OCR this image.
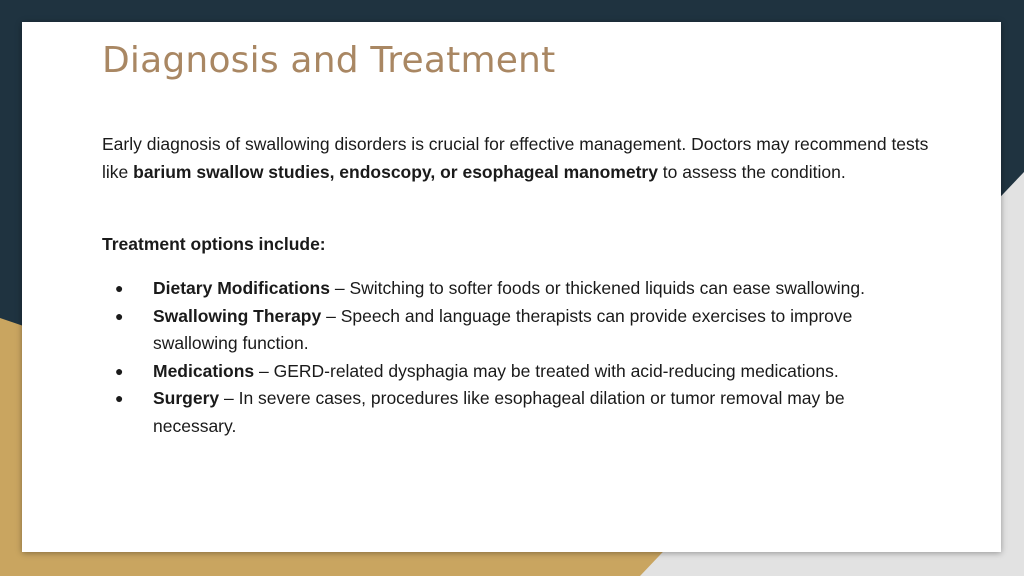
Diagnosis and Treatment

Early diagnosis of swallowing disorders is crucial for effective management. Doctors may recommend tests like barium swallow studies, endoscopy, or esophageal manometry to assess the condition.

Treatment options include:

● Dietary Modifications – Switching to softer foods or thickened liquids can ease swallowing.
● Swallowing Therapy – Speech and language therapists can provide exercises to improve swallowing function.
● Medications – GERD-related dysphagia may be treated with acid-reducing medications.
● Surgery – In severe cases, procedures like esophageal dilation or tumor removal may be necessary.
